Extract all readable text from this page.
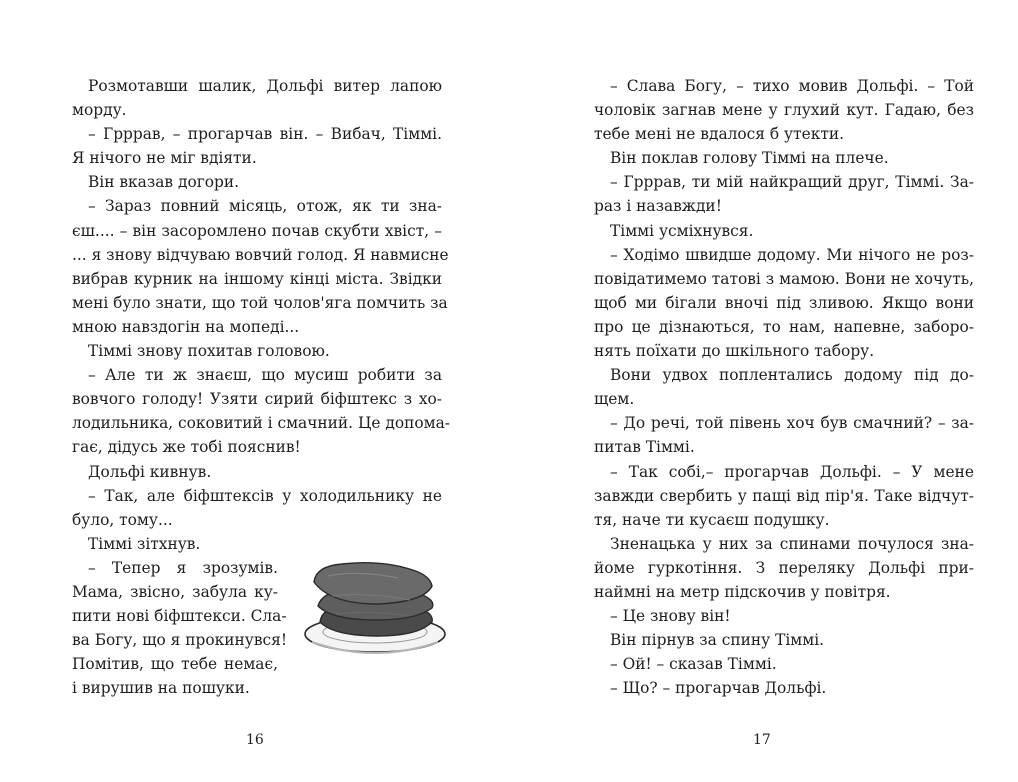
Розмотавши шалик, Дольфі витер лапою
морду.
– Грррав, – прогарчав він. – Вибач, Тіммі.
Я нічого не міг вдіяти.
Він вказав догори.
– Зараз повний місяць, отож, як ти зна-
єш.... – він засоромлено почав скубти хвіст, –
... я знову відчуваю вовчий голод. Я навмисне
вибрав курник на іншому кінці міста. Звідки
мені було знати, що той чолов'яга помчить за
мною навздогін на мопеді...
Тіммі знову похитав головою.
– Але ти ж знаєш, що мусиш робити за
вовчого голоду! Узяти сирий біфштекс з хо-
лодильника, соковитий і смачний. Це допома-
гає, дідусь же тобі пояснив!
Дольфі кивнув.
– Так, але біфштексів у холодильнику не
було, тому...
Тіммі зітхнув.
– Тепер я зрозумів.
Мама, звісно, забула ку-
пити нові біфштекси. Сла-
ва Богу, що я прокинувся!
Помітив, що тебе немає,
і вирушив на пошуки.
16
– Слава Богу, – тихо мовив Дольфі. – Той
чоловік загнав мене у глухий кут. Гадаю, без
тебе мені не вдалося б утекти.
Він поклав голову Тіммі на плече.
– Грррав, ти мій найкращий друг, Тіммі. За-
раз і назавжди!
Тіммі усміхнувся.
– Ходімо швидше додому. Ми нічого не роз-
повідатимемо татові з мамою. Вони не хочуть,
щоб ми бігали вночі під зливою. Якщо вони
про це дізнаються, то нам, напевне, заборо-
нять поїхати до шкільного табору.
Вони удвох поплентались додому під до-
щем.
– До речі, той півень хоч був смачний? – за-
питав Тіммі.
– Так собі,– прогарчав Дольфі. – У мене
завжди свербить у пащі від пір'я. Таке відчут-
тя, наче ти кусаєш подушку.
Зненацька у них за спинами почулося зна-
йоме гуркотіння. З переляку Дольфі при-
наймні на метр підскочив у повітря.
– Це знову він!
Він пірнув за спину Тіммі.
– Ой! – сказав Тіммі.
– Що? – прогарчав Дольфі.
17
